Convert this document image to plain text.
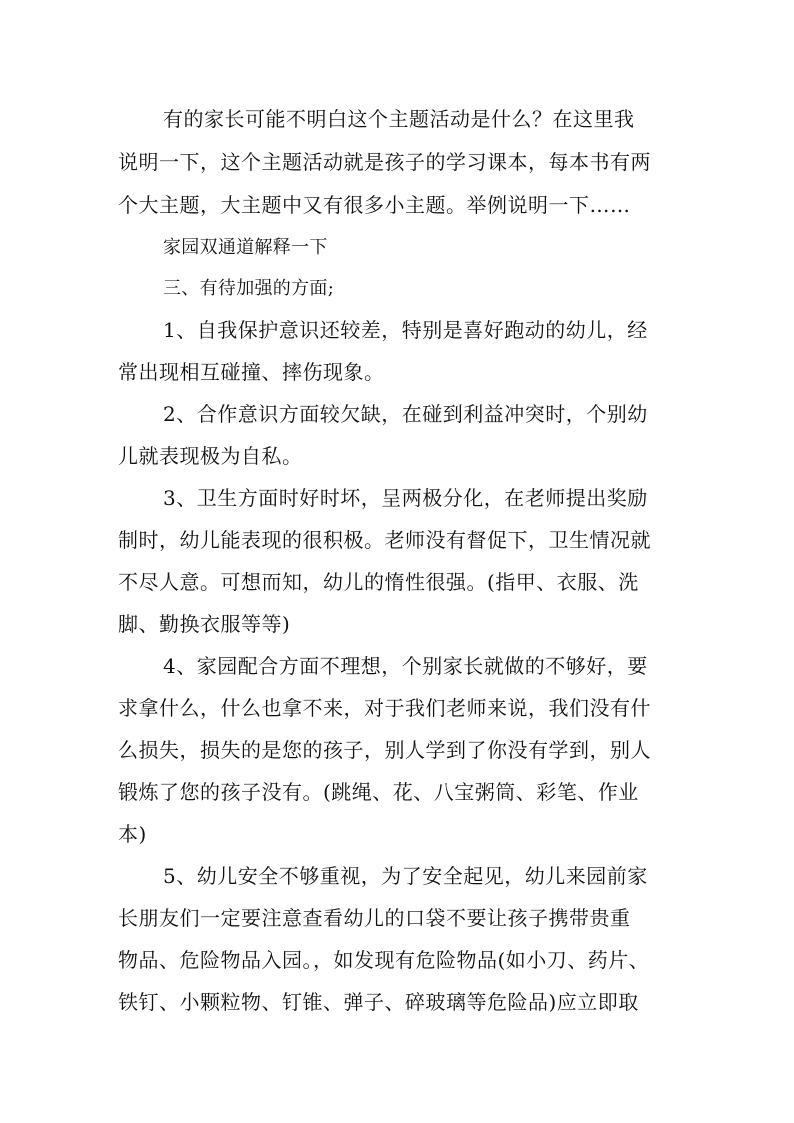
有的家长可能不明白这个主题活动是什么？在这里我
说明一下，这个主题活动就是孩子的学习课本，每本书有两
个大主题，大主题中又有很多小主题。举例说明一下……
家园双通道解释一下
三、有待加强的方面;
1、自我保护意识还较差，特别是喜好跑动的幼儿，经
常出现相互碰撞、摔伤现象。
2、合作意识方面较欠缺，在碰到利益冲突时，个别幼
儿就表现极为自私。
3、卫生方面时好时坏，呈两极分化，在老师提出奖励
制时，幼儿能表现的很积极。老师没有督促下，卫生情况就
不尽人意。可想而知，幼儿的惰性很强。(指甲、衣服、洗
脚、勤换衣服等等)
4、家园配合方面不理想，个别家长就做的不够好，要
求拿什么，什么也拿不来，对于我们老师来说，我们没有什
么损失，损失的是您的孩子，别人学到了你没有学到，别人
锻炼了您的孩子没有。(跳绳、花、八宝粥筒、彩笔、作业
本)
5、幼儿安全不够重视，为了安全起见，幼儿来园前家
长朋友们一定要注意查看幼儿的口袋不要让孩子携带贵重
物品、危险物品入园。，如发现有危险物品(如小刀、药片、
铁钉、小颗粒物、钉锥、弹子、碎玻璃等危险品)应立即取
